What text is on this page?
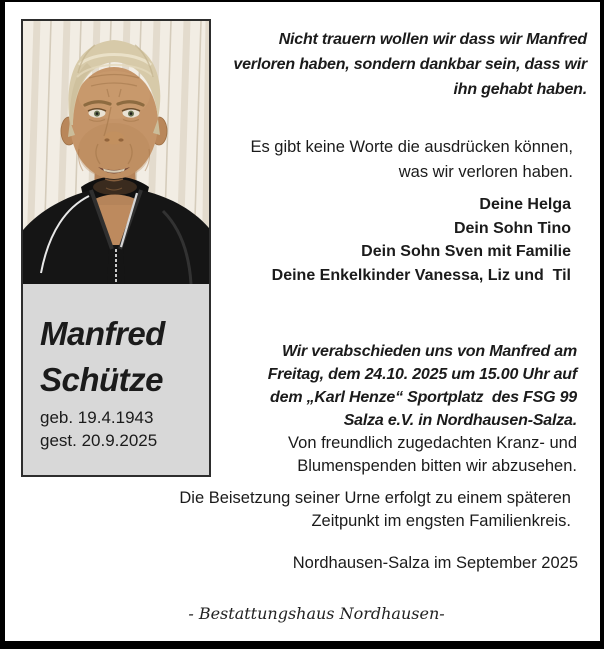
Manfred
Schütze
geb. 19.4.1943
gest. 20.9.2025
Nicht trauern wollen wir dass wir Manfred
verloren haben, sondern dankbar sein, dass wir
ihn gehabt haben.
Es gibt keine Worte die ausdrücken können,
was wir verloren haben.
Deine Helga
Dein Sohn Tino
Dein Sohn Sven mit Familie
Deine Enkelkinder Vanessa, Liz und  Til
Wir verabschieden uns von Manfred am
Freitag, dem 24.10. 2025 um 15.00 Uhr auf
dem „Karl Henze“ Sportplatz  des FSG 99
Salza e.V. in Nordhausen-Salza.
Von freundlich zugedachten Kranz- und
Blumenspenden bitten wir abzusehen.
Die Beisetzung seiner Urne erfolgt zu einem späteren
Zeitpunkt im engsten Familienkreis.
Nordhausen-Salza im September 2025
- Bestattungshaus Nordhausen-
